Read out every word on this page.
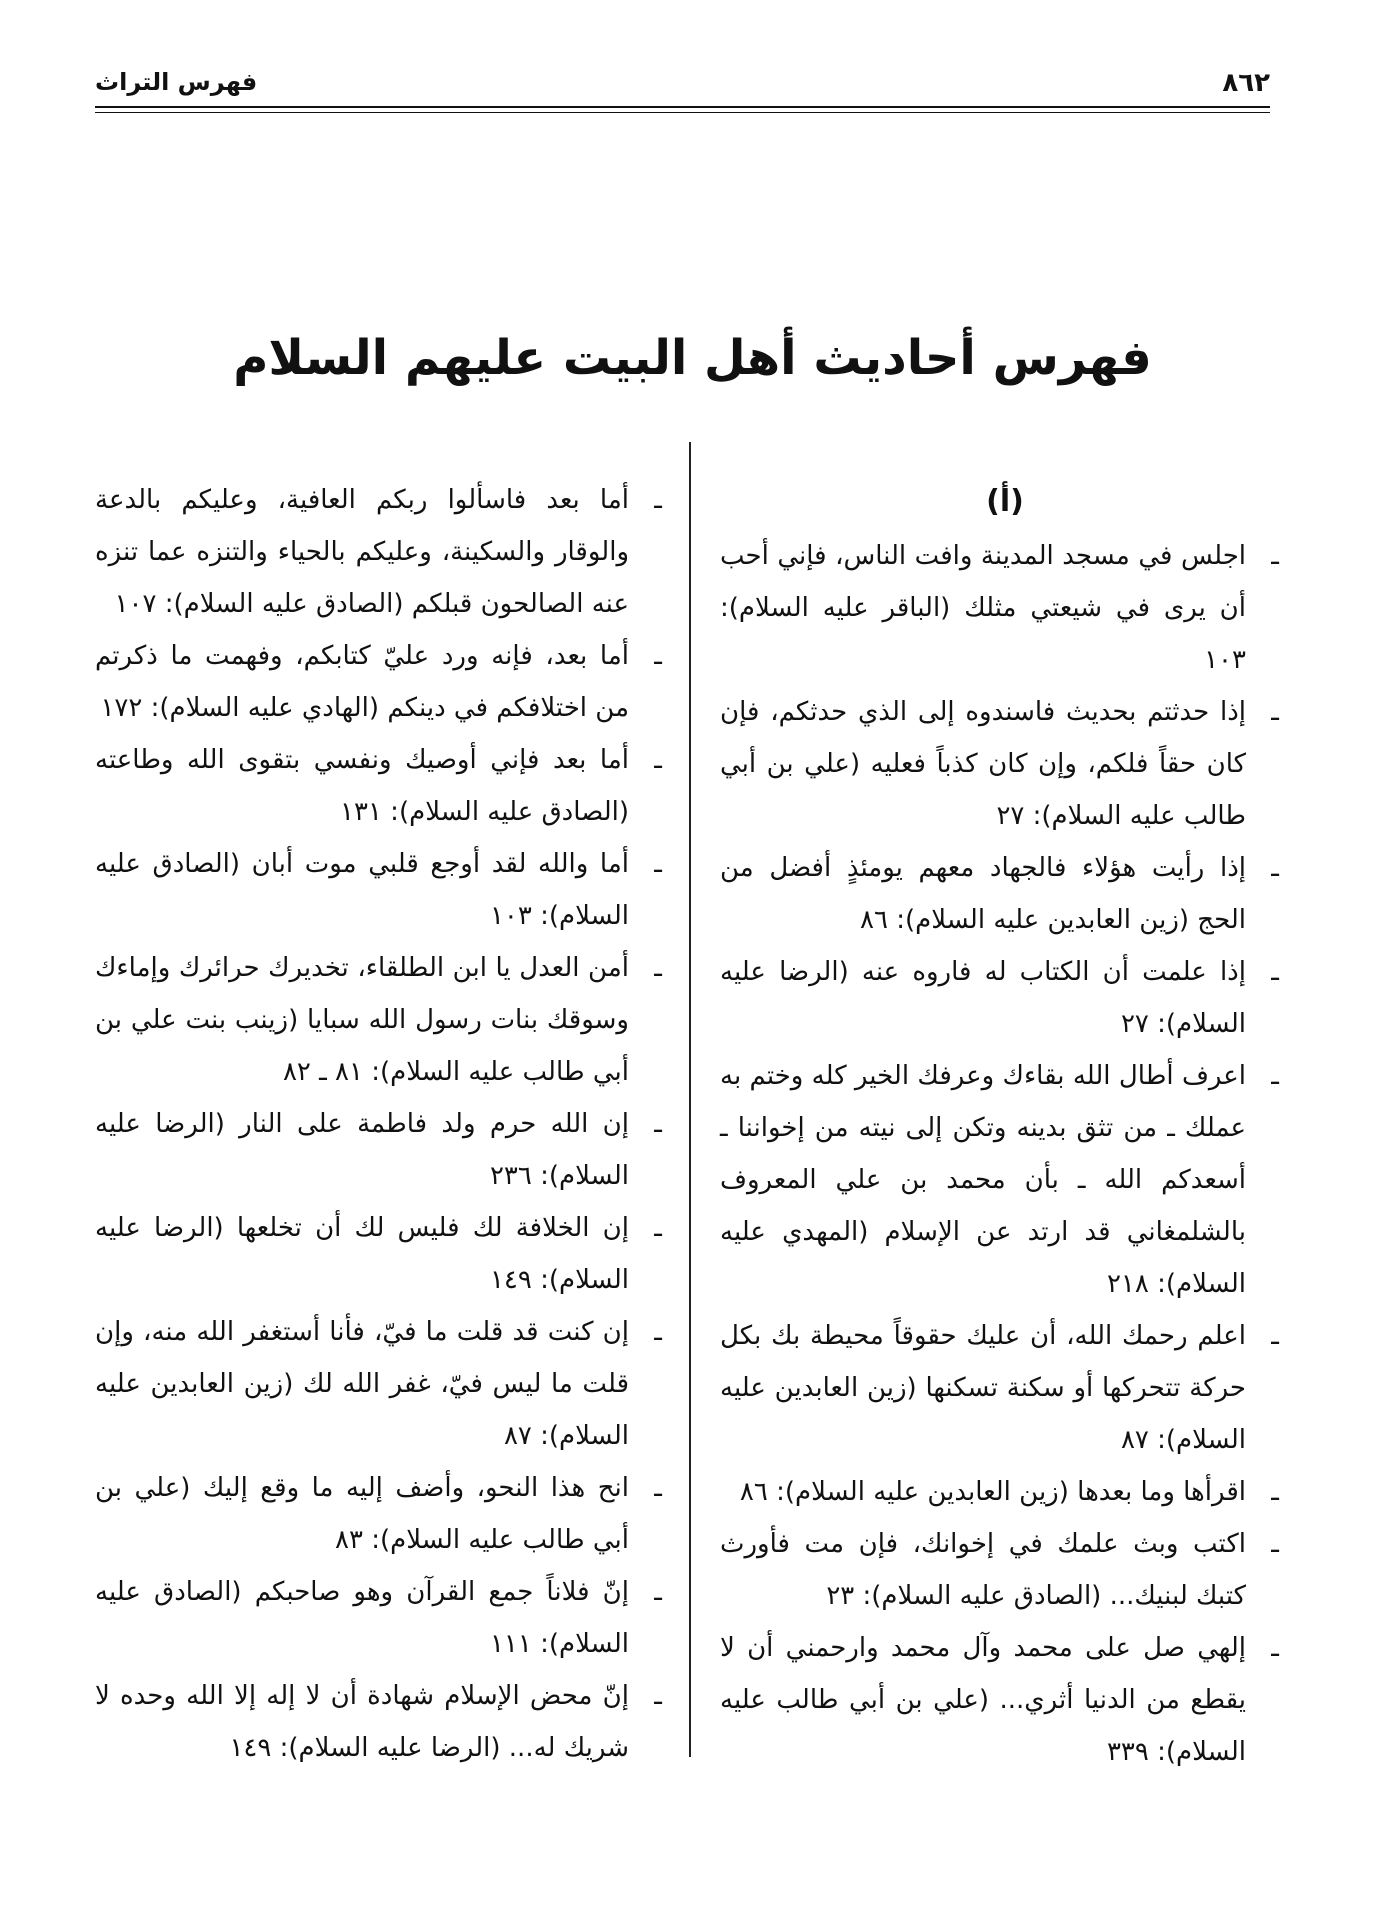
٨٦٢
فهرس التراث
فهرس أحاديث أهل البيت عليهم السلام
(أ)

ـ
اجلس في مسجد المدينة وافت الناس، فإني أحب أن يرى في شيعتي مثلك (الباقر عليه السلام): ١٠٣

ـ
إذا حدثتم بحديث فاسندوه إلى الذي حدثكم، فإن كان حقاً فلكم، وإن كان كذباً فعليه (علي بن أبي طالب عليه السلام): ٢٧

ـ
إذا رأيت هؤلاء فالجهاد معهم يومئذٍ أفضل من الحج (زين العابدين عليه السلام): ٨٦

ـ
إذا علمت أن الكتاب له فاروه عنه (الرضا عليه السلام): ٢٧

ـ
اعرف أطال الله بقاءك وعرفك الخير كله وختم به عملك ـ من تثق بدينه وتكن إلى نيته من إخواننا ـ أسعدكم الله ـ بأن محمد بن علي المعروف بالشلمغاني قد ارتد عن الإسلام (المهدي عليه السلام): ٢١٨

ـ
اعلم رحمك الله، أن عليك حقوقاً محيطة بك بكل حركة تتحركها أو سكنة تسكنها (زين العابدين عليه السلام): ٨٧

ـ
اقرأها وما بعدها (زين العابدين عليه السلام): ٨٦

ـ
اكتب وبث علمك في إخوانك، فإن مت فأورث كتبك لبنيك... (الصادق عليه السلام): ٢٣

ـ
إلهي صل على محمد وآل محمد وارحمني أن لا يقطع من الدنيا أثري... (علي بن أبي طالب عليه السلام): ٣٣٩

ـ
أما بعد فاسألوا ربكم العافية، وعليكم بالدعة والوقار والسكينة، وعليكم بالحياء والتنزه عما تنزه عنه الصالحون قبلكم (الصادق عليه السلام): ١٠٧

ـ
أما بعد، فإنه ورد عليّ كتابكم، وفهمت ما ذكرتم من اختلافكم في دينكم (الهادي عليه السلام): ١٧٢

ـ
أما بعد فإني أوصيك ونفسي بتقوى الله وطاعته (الصادق عليه السلام): ١٣١

ـ
أما والله لقد أوجع قلبي موت أبان (الصادق عليه السلام): ١٠٣

ـ
أمن العدل يا ابن الطلقاء، تخديرك حرائرك وإماءك وسوقك بنات رسول الله سبايا (زينب بنت علي بن أبي طالب عليه السلام): ٨١ ـ ٨٢

ـ
إن الله حرم ولد فاطمة على النار (الرضا عليه السلام): ٢٣٦

ـ
إن الخلافة لك فليس لك أن تخلعها (الرضا عليه السلام): ١٤٩

ـ
إن كنت قد قلت ما فيّ، فأنا أستغفر الله منه، وإن قلت ما ليس فيّ، غفر الله لك (زين العابدين عليه السلام): ٨٧

ـ
انح هذا النحو، وأضف إليه ما وقع إليك (علي بن أبي طالب عليه السلام): ٨٣

ـ
إنّ فلاناً جمع القرآن وهو صاحبكم (الصادق عليه السلام): ١١١

ـ
إنّ محض الإسلام شهادة أن لا إله إلا الله وحده لا شريك له... (الرضا عليه السلام): ١٤٩
